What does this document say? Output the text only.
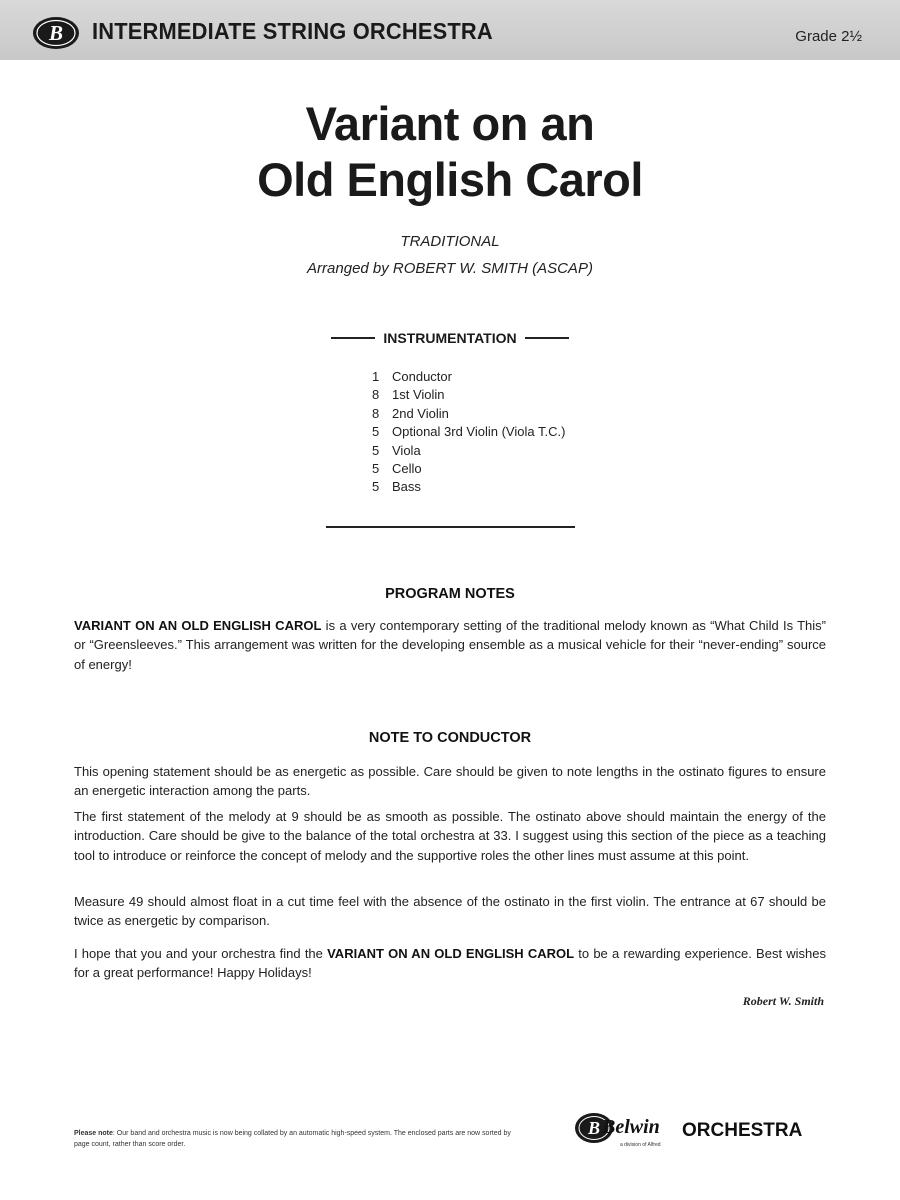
B INTERMEDIATE STRING ORCHESTRA	Grade 2½
Variant on an
Old English Carol
TRADITIONAL
Arranged by ROBERT W. SMITH (ASCAP)
INSTRUMENTATION
1 Conductor
8 1st Violin
8 2nd Violin
5 Optional 3rd Violin (Viola T.C.)
5 Viola
5 Cello
5 Bass
PROGRAM NOTES
VARIANT ON AN OLD ENGLISH CAROL is a very contemporary setting of the traditional melody known as “What Child Is This” or “Greensleeves.” This arrangement was written for the developing ensemble as a musical vehicle for their “never-ending” source of energy!
NOTE TO CONDUCTOR
This opening statement should be as energetic as possible. Care should be given to note lengths in the ostinato figures to ensure an energetic interaction among the parts.
The first statement of the melody at 9 should be as smooth as possible. The ostinato above should maintain the energy of the introduction. Care should be give to the balance of the total orchestra at 33. I suggest using this section of the piece as a teaching tool to introduce or reinforce the concept of melody and the supportive roles the other lines must assume at this point.
Measure 49 should almost float in a cut time feel with the absence of the ostinato in the first violin. The entrance at 67 should be twice as energetic by comparison.
I hope that you and your orchestra find the VARIANT ON AN OLD ENGLISH CAROL to be a rewarding experience. Best wishes for a great performance! Happy Holidays!
Robert W. Smith
Please note: Our band and orchestra music is now being collated by an automatic high-speed system. The enclosed parts are now sorted by page count, rather than score order.
B Belwin ORCHESTRA
a division of Alfred
